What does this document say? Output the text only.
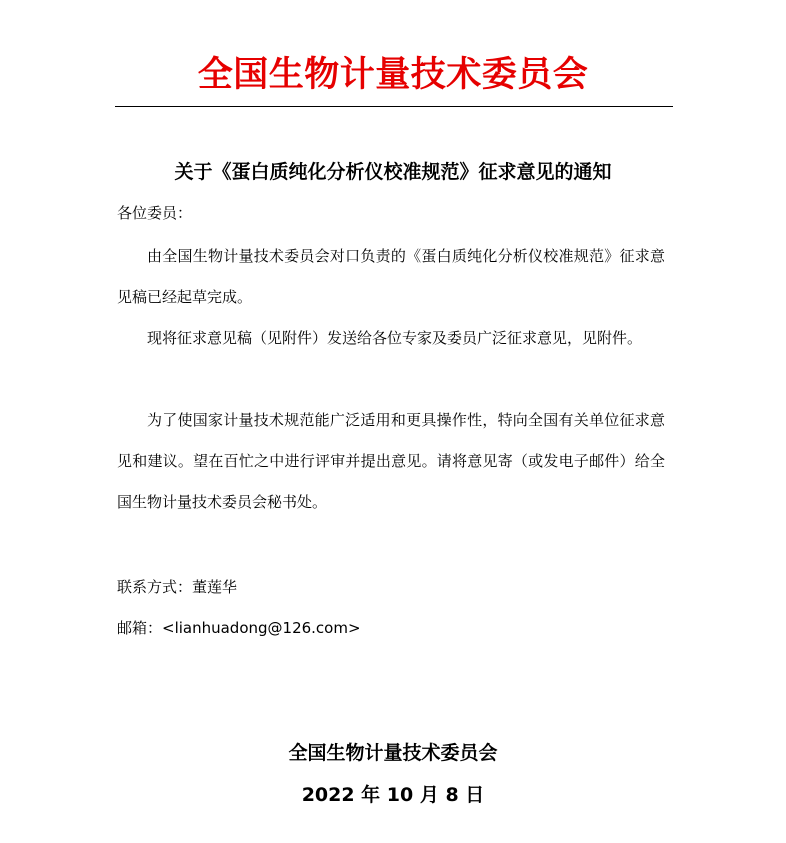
全国生物计量技术委员会
关于《蛋白质纯化分析仪校准规范》征求意见的通知
各位委员：

由全国生物计量技术委员会对口负责的《蛋白质纯化分析仪校准规范》征求意见稿已经起草完成。

现将征求意见稿（见附件）发送给各位专家及委员广泛征求意见，见附件。

为了使国家计量技术规范能广泛适用和更具操作性，特向全国有关单位征求意见和建议。望在百忙之中进行评审并提出意见。请将意见寄（或发电子邮件）给全国生物计量技术委员会秘书处。

联系方式：董莲华
邮箱：<lianhuadong@126.com>
全国生物计量技术委员会
2022 年 10 月 8 日
